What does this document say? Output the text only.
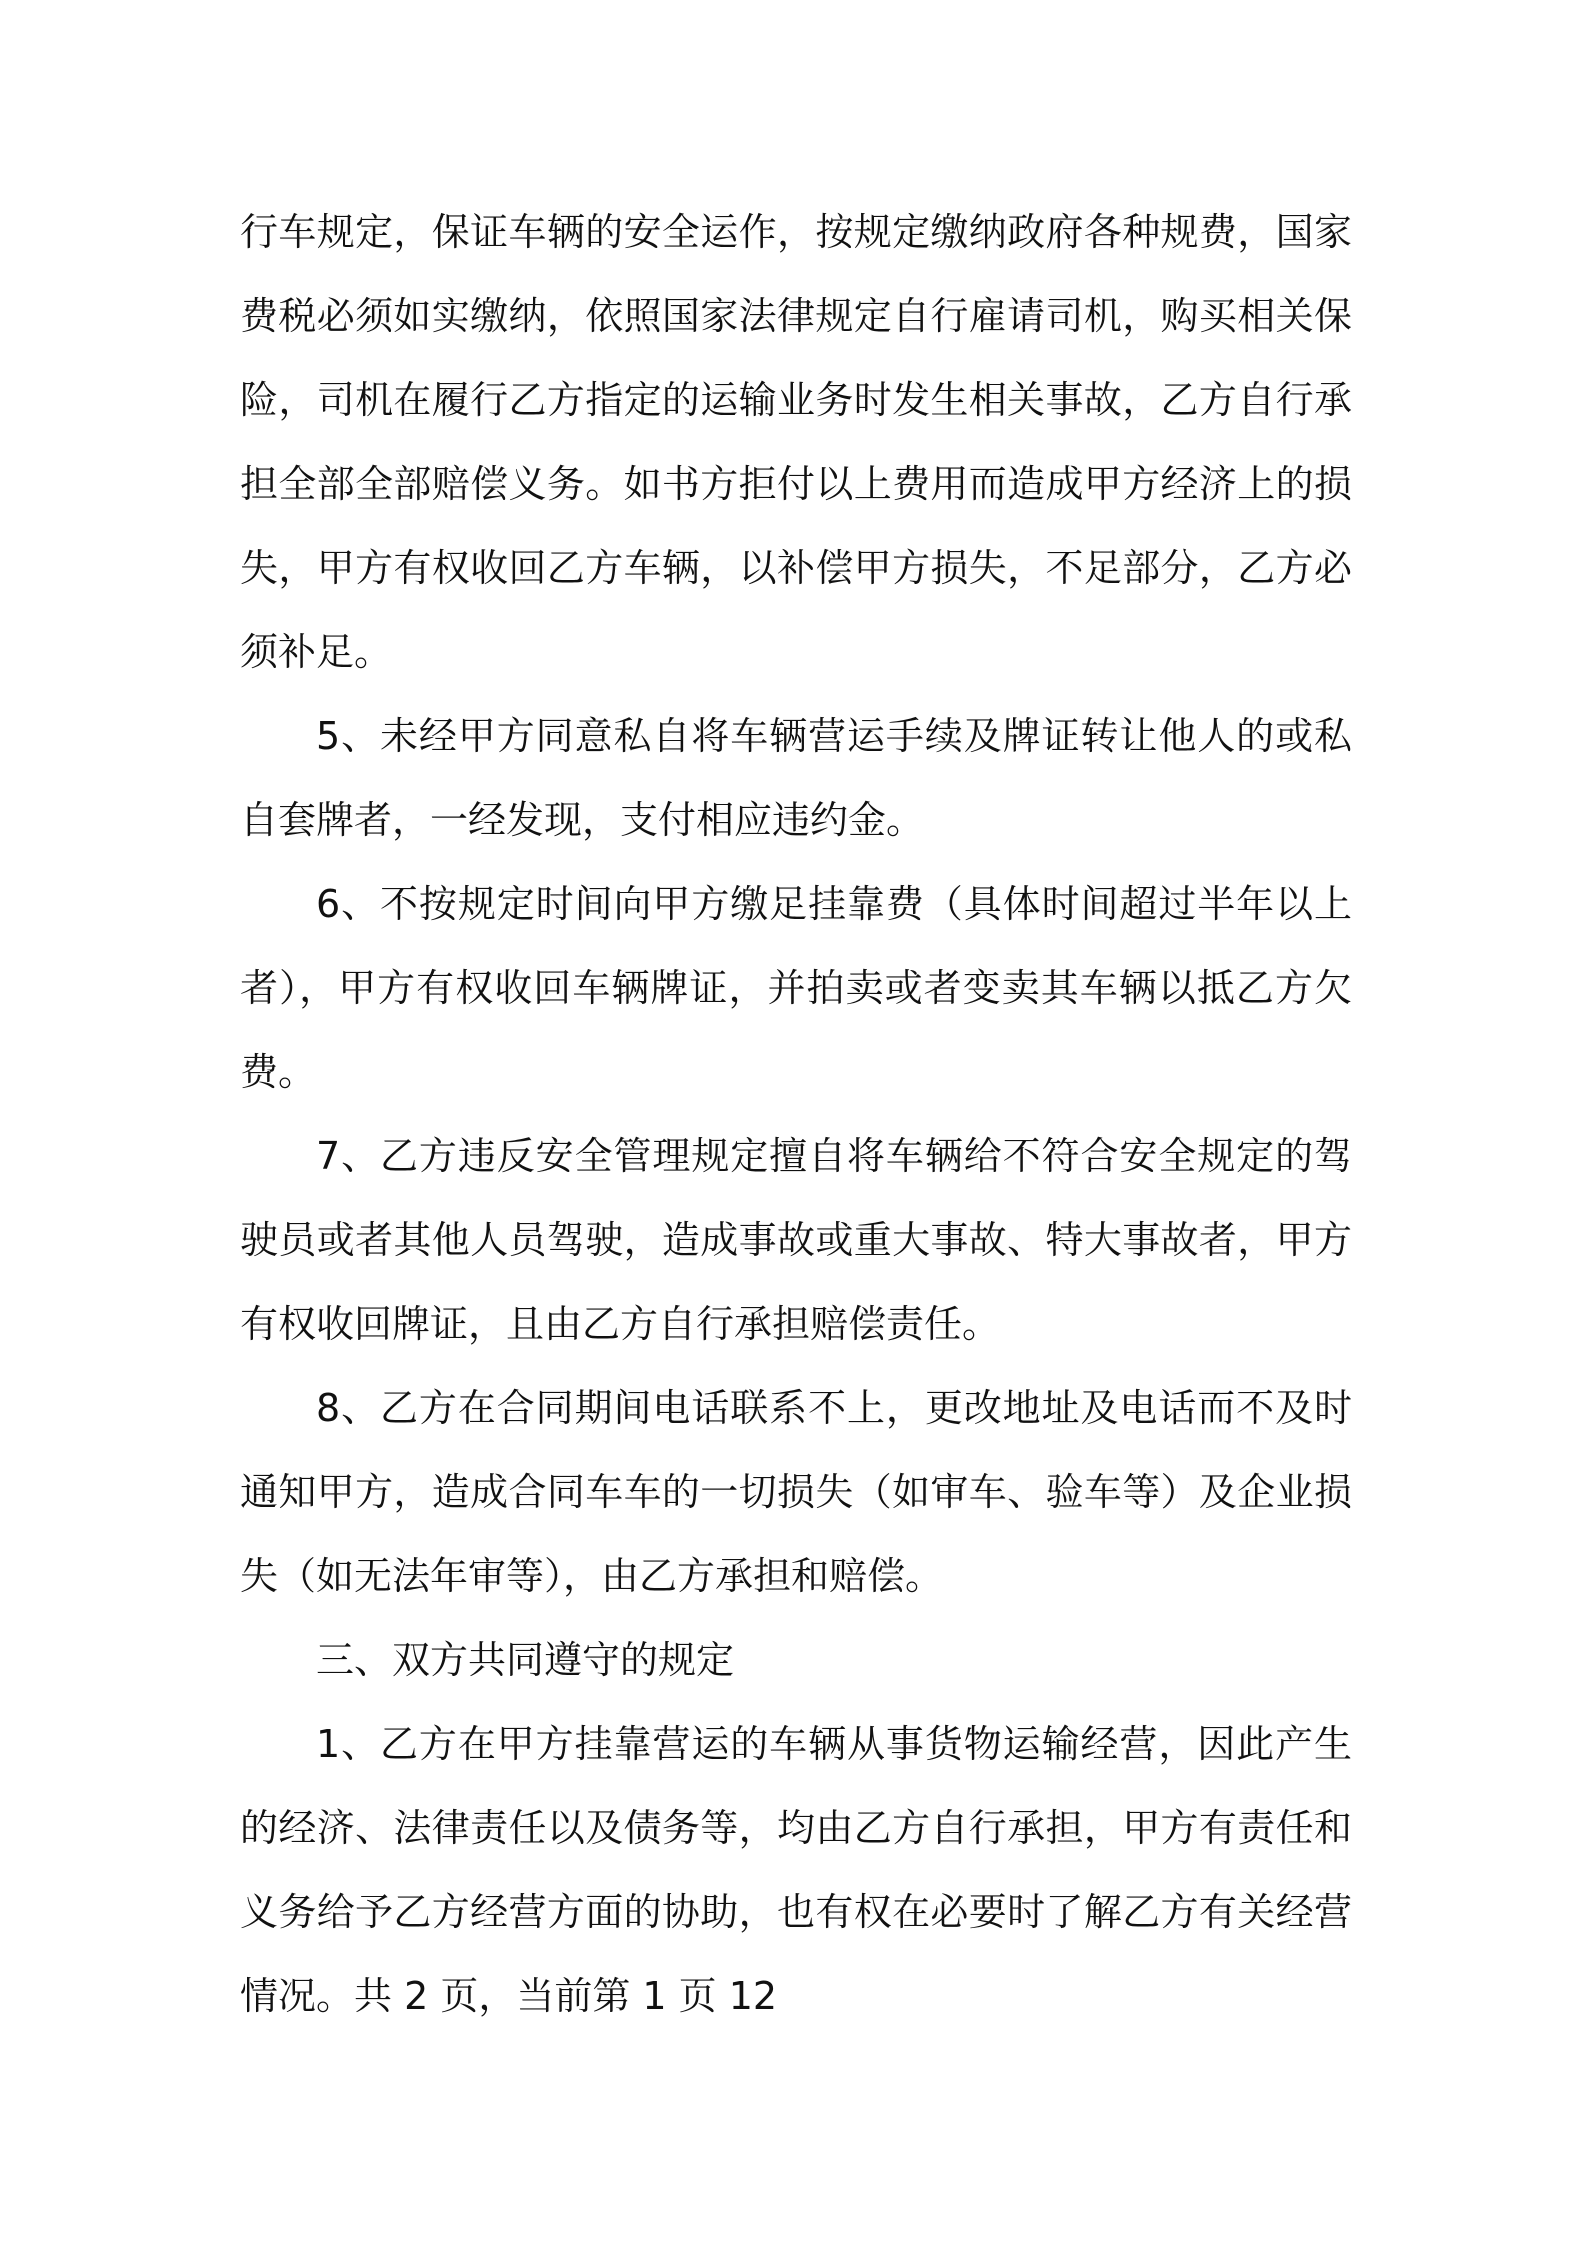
行车规定，保证车辆的安全运作，按规定缴纳政府各种规费，国家费税必须如实缴纳，依照国家法律规定自行雇请司机，购买相关保险，司机在履行乙方指定的运输业务时发生相关事故，乙方自行承担全部全部赔偿义务。如书方拒付以上费用而造成甲方经济上的损失，甲方有权收回乙方车辆，以补偿甲方损失，不足部分，乙方必须补足。

5、未经甲方同意私自将车辆营运手续及牌证转让他人的或私自套牌者，一经发现，支付相应违约金。

6、不按规定时间向甲方缴足挂靠费（具体时间超过半年以上者），甲方有权收回车辆牌证，并拍卖或者变卖其车辆以抵乙方欠费。

7、乙方违反安全管理规定擅自将车辆给不符合安全规定的驾驶员或者其他人员驾驶，造成事故或重大事故、特大事故者，甲方有权收回牌证，且由乙方自行承担赔偿责任。

8、乙方在合同期间电话联系不上，更改地址及电话而不及时通知甲方，造成合同车车的一切损失（如审车、验车等）及企业损失（如无法年审等），由乙方承担和赔偿。

三、双方共同遵守的规定

1、乙方在甲方挂靠营运的车辆从事货物运输经营，因此产生的经济、法律责任以及债务等，均由乙方自行承担，甲方有责任和义务给予乙方经营方面的协助，也有权在必要时了解乙方有关经营情况。共 2 页，当前第 1 页 12
